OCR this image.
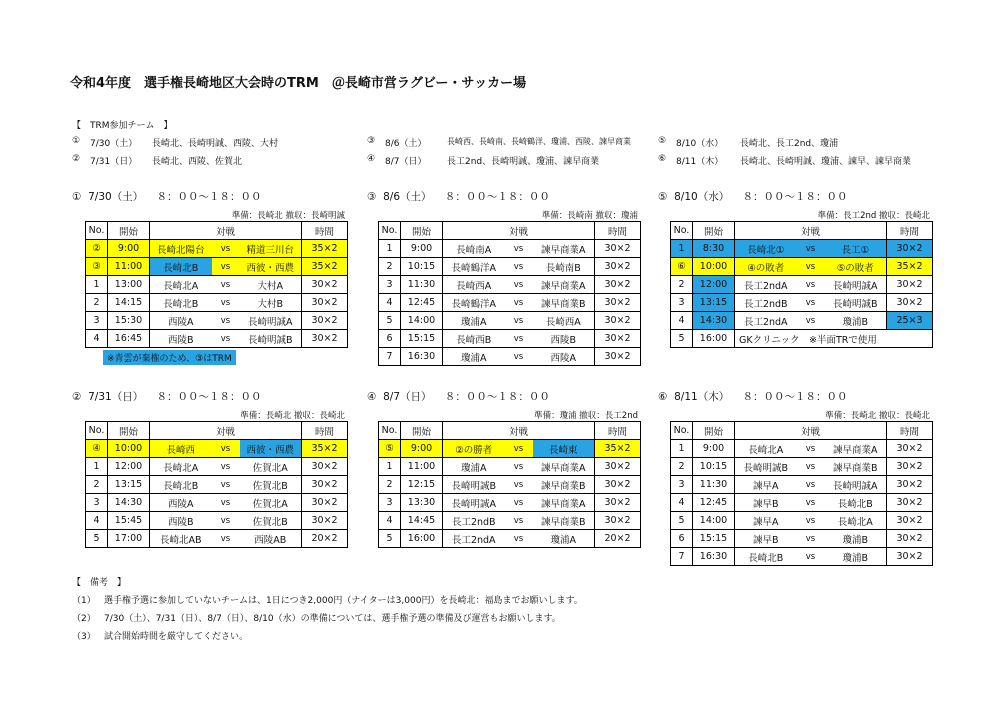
令和4年度　選手権長崎地区大会時のTRM　＠長崎市営ラグビー・サッカー場
【　TRM参加チーム　】
① 7/30（土） 長崎北、長崎明誠、西陵、大村
② 7/31（日） 長崎北、西陵、佐賀北
③ 8/6（土）	長崎西、長崎南、長崎鶴洋、瓊浦、西陵、諫早商業
④ 8/7（日） 長工2nd、長崎明誠、瓊浦、諫早商業
⑤ 8/10（水） 長崎北、長工2nd、瓊浦
⑥ 8/11（木） 長崎北、長崎明誠、瓊浦、諫早、諫早商業
① 7/30（土） ８：００～１８：００
準備：長崎北 撤収：長崎明誠
No.	開始	対戦			時間
②	9:00	長崎北陽台	vs	精道三川台	35×2
③	11:00	長崎北B	vs	西彼・西農	35×2
1	13:00	長崎北A	vs	大村A	30×2
2	14:15	長崎北B	vs	大村B	30×2
3	15:30	西陵A	vs	長崎明誠A	30×2
4	16:45	西陵B	vs	長崎明誠B	30×2
※青雲が棄権のため、③はTRM
③ 8/6（土） ８：００～１８：００
準備：長崎南 撤収：瓊浦
No.	開始	対戦			時間
1	9:00	長崎南A	vs	諫早商業A	30×2
2	10:15	長崎鶴洋A	vs	長崎南B	30×2
3	11:30	長崎西A	vs	諫早商業A	30×2
4	12:45	長崎鶴洋A	vs	諫早商業B	30×2
5	14:00	瓊浦A	vs	長崎西A	30×2
6	15:15	長崎西B	vs	西陵B	30×2
7	16:30	瓊浦A	vs	西陵A	30×2
⑤ 8/10（水） ８：００～１８：００
準備：長工2nd 撤収：長崎北
No.	開始	対戦			時間
1	8:30	長崎北①	vs	長工①	30×2
⑥	10:00	④の敗者	vs	⑤の敗者	35×2
2	12:00	長工2ndA	vs	長崎明誠A	30×2
3	13:15	長工2ndB	vs	長崎明誠B	30×2
4	14:30	長工2ndA	vs	瓊浦B	25×3
5	16:00	GKクリニック　※半面TRで使用			
② 7/31（日） ８：００～１８：００
準備：長崎北 撤収：長崎北
No.	開始	対戦			時間
④	10:00	長崎西	vs	西彼・西農	35×2
1	12:00	長崎北A	vs	佐賀北A	30×2
2	13:15	長崎北B	vs	佐賀北B	30×2
3	14:30	西陵A	vs	佐賀北A	30×2
4	15:45	西陵B	vs	佐賀北B	30×2
5	17:00	長崎北AB	vs	西陵AB	20×2
④ 8/7（日） ８：００～１８：００
準備：瓊浦 撤収：長工2nd
No.	開始	対戦			時間
⑤	9:00	②の勝者	vs	長崎東	35×2
1	11:00	瓊浦A	vs	諫早商業A	30×2
2	12:15	長崎明誠B	vs	諫早商業B	30×2
3	13:30	長崎明誠A	vs	諫早商業A	30×2
4	14:45	長工2ndB	vs	諫早商業B	30×2
5	16:00	長工2ndA	vs	瓊浦A	20×2
⑥ 8/11（木） ８：００～１８：００
準備：長崎北 撤収：長崎北
No.	開始	対戦			時間
1	9:00	長崎北A	vs	諫早商業A	30×2
2	10:15	長崎明誠B	vs	諫早商業B	30×2
3	11:30	諫早A	vs	長崎明誠A	30×2
4	12:45	諫早B	vs	長崎北B	30×2
5	14:00	諫早A	vs	長崎北A	30×2
6	15:15	諫早B	vs	瓊浦B	30×2
7	16:30	長崎北B	vs	瓊浦B	30×2
【　備考　】
（1） 選手権予選に参加していないチームは、1日につき2,000円（ナイターは3,000円）を長崎北：福島までお願いします。
（2） 7/30（土）、7/31（日）、8/7（日）、8/10（水）の準備については、選手権予選の準備及び運営もお願いします。
（3） 試合開始時間を厳守してください。
